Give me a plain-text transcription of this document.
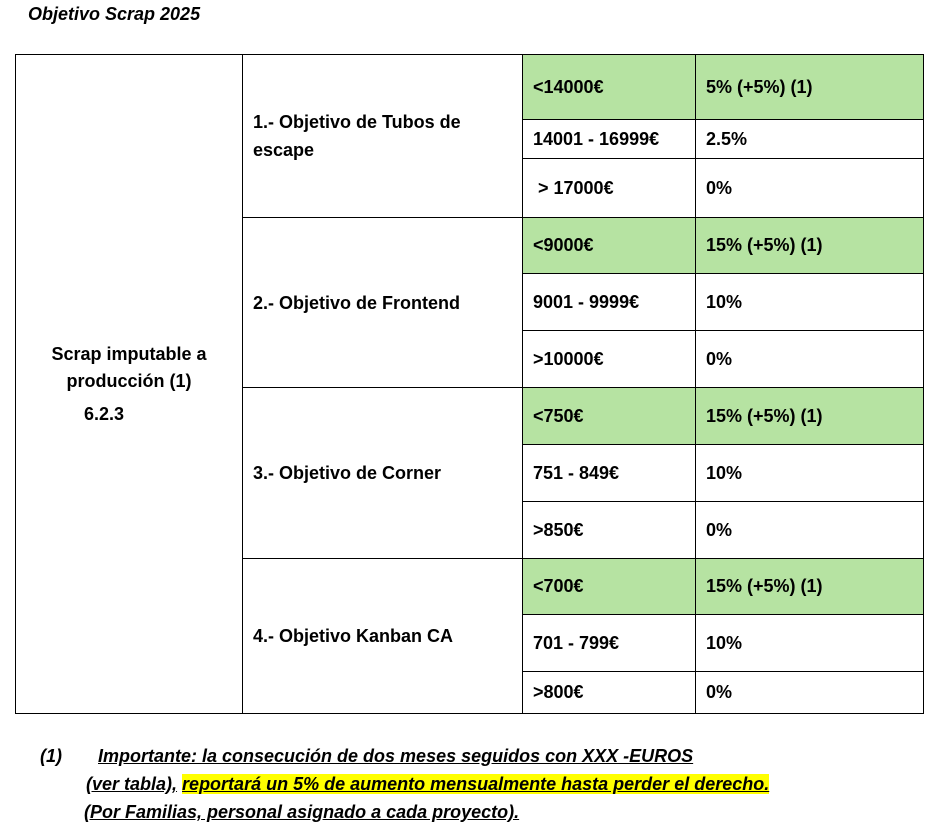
Objetivo Scrap 2025
Scrap imputable a producción (1)
6.2.3	1.- Objetivo de Tubos de escape	<14000€	5% (+5%) (1)
		14001 - 16999€	2.5%
		> 17000€	0%
	2.- Objetivo de Frontend	<9000€	15% (+5%) (1)
		9001 - 9999€	10%
		>10000€	0%
	3.- Objetivo de Corner	<750€	15% (+5%) (1)
		751 - 849€	10%
		>850€	0%
	4.- Objetivo Kanban CA	<700€	15% (+5%) (1)
		701 - 799€	10%
		>800€	0%
(1) Importante: la consecución de dos meses seguidos con XXX -EUROS
(ver tabla), reportará un 5% de aumento mensualmente hasta perder el derecho.
(Por Familias, personal asignado a cada proyecto).
